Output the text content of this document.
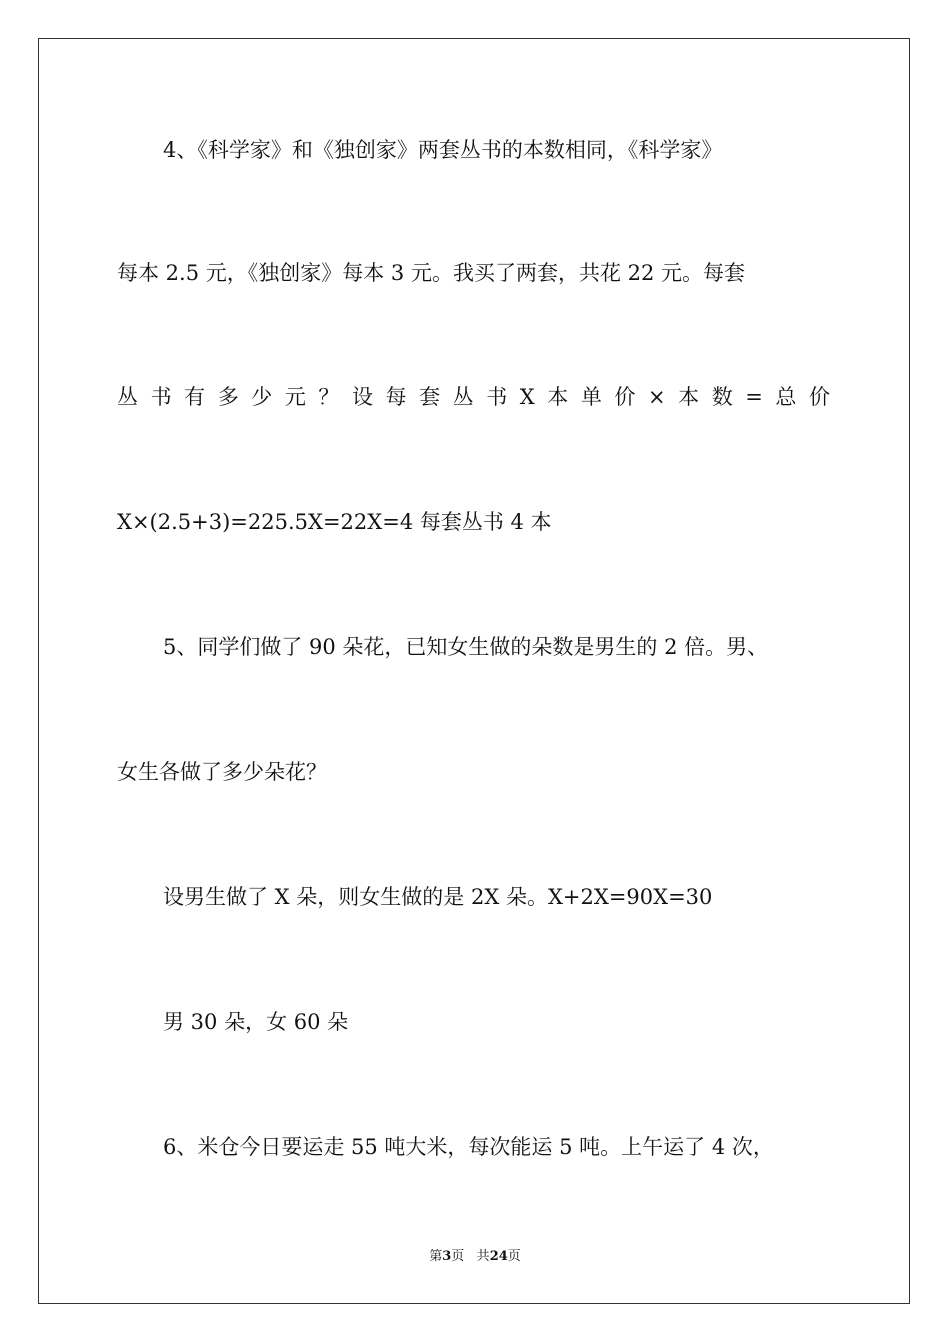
4、《科学家》和《独创家》两套丛书的本数相同，《科学家》
每本 2.5 元，《独创家》每本 3 元。我买了两套，共花 22 元。每套
丛 书 有 多 少 元 ？ 设 每 套 丛 书 X 本 单 价 × 本 数 = 总 价
X×(2.5+3)=225.5X=22X=4 每套丛书 4 本
5、同学们做了 90 朵花，已知女生做的朵数是男生的 2 倍。男、
女生各做了多少朵花？
设男生做了 X 朵，则女生做的是 2X 朵。X+2X=90X=30
男 30 朵，女 60 朵
6、米仓今日要运走 55 吨大米，每次能运 5 吨。上午运了 4 次，
第3页 共24页
